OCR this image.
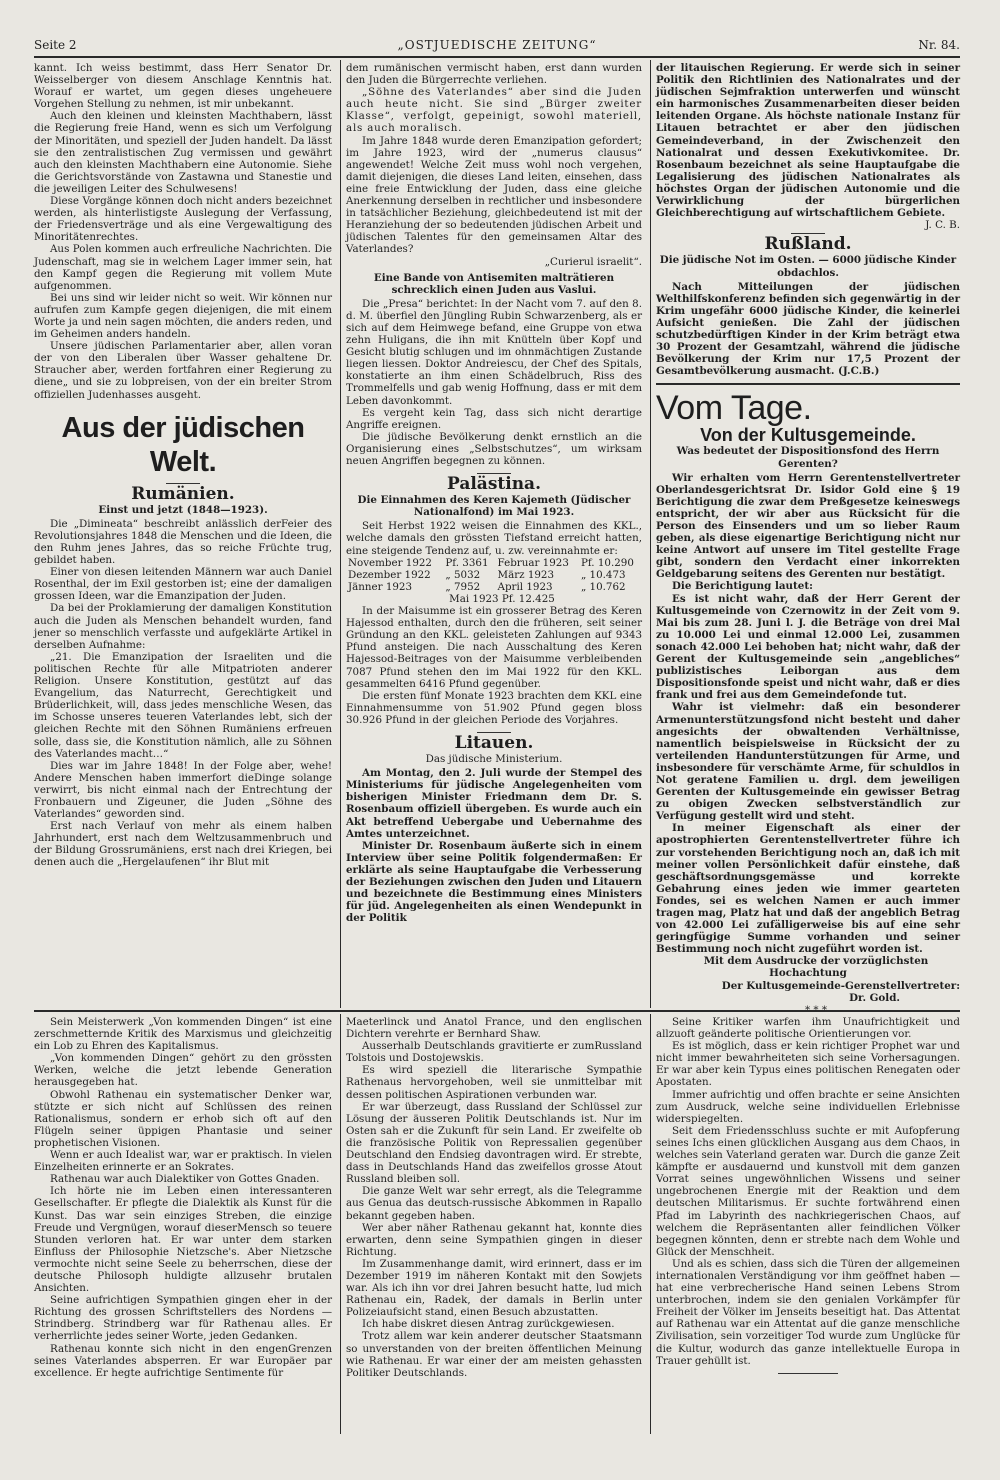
Seite 2	„OSTJUEDISCHE ZEITUNG“	Nr. 84.

kannt. Ich weiss bestimmt, dass Herr Senator Dr. Weisselberger von diesem Anschlage Kenntnis hat. Worauf er wartet, um gegen dieses ungeheuere Vorgehen Stellung zu nehmen, ist mir unbekannt.

Auch den kleinen und kleinsten Machthabern, lässt die Regierung freie Hand, wenn es sich um Verfolgung der Minoritäten, und speziell der Juden handelt. Da lässt sie den zentralistischen Zug vermissen und gewährt auch den kleinsten Machthabern eine Autonomie. Siehe die Gerichtsvorstände von Zastawna und Stanestie und die jeweiligen Leiter des Schulwesens!

Diese Vorgänge können doch nicht anders bezeichnet werden, als hinterlistigste Auslegung der Verfassung, der Friedensverträge und als eine Vergewaltigung des Minoritätenrechtes.

Aus Polen kommen auch erfreuliche Nachrichten. Die Judenschaft, mag sie in welchem Lager immer sein, hat den Kampf gegen die Regierung mit vollem Mute aufgenommen.

Bei uns sind wir leider nicht so weit. Wir können nur aufrufen zum Kampfe gegen diejenigen, die mit einem Worte ja und nein sagen möchten, die anders reden, und im Geheimen anders handeln.

Unsere jüdischen Parlamentarier aber, allen voran der von den Liberalen über Wasser gehaltene Dr. Straucher aber, werden fortfahren einer Regierung zu diene„ und sie zu lobpreisen, von der ein breiter Strom offiziellen Judenhasses ausgeht.

Aus der jüdischen Welt.
Rumänien.
Einst und jetzt (1848—1923).

Die „Dimineata“ beschreibt anlässlich derFeier des Revolutionsjahres 1848 die Menschen und die Ideen, die den Ruhm jenes Jahres, das so reiche Früchte trug, gebildet haben.

Einer von diesen leitenden Männern war auch Daniel Rosenthal, der im Exil gestorben ist; eine der damaligen grossen Ideen, war die Emanzipation der Juden.

Da bei der Proklamierung der damaligen Konstitution auch die Juden als Menschen behandelt wurden, fand jener so menschlich verfasste und aufgeklärte Artikel in derselben Aufnahme:

„21. Die Emanzipation der Israeliten und die politischen Rechte für alle Mitpatrioten anderer Religion. Unsere Konstitution, gestützt auf das Evangelium, das Naturrecht, Gerechtigkeit und Brüderlichkeit, will, dass jedes menschliche Wesen, das im Schosse unseres teueren Vaterlandes lebt, sich der gleichen Rechte mit den Söhnen Rumäniens erfreuen solle, dass sie, die Konstitution nämlich, alle zu Söhnen des Vaterlandes macht…“

Dies war im Jahre 1848! In der Folge aber, wehe! Andere Menschen haben immerfort dieDinge solange verwirrt, bis nicht einmal nach der Entrechtung der Fronbauern und Zigeuner, die Juden „Söhne des Vaterlandes“ geworden sind.

Erst nach Verlauf von mehr als einem halben Jahrhundert, erst nach dem Weltzusammenbruch und der Bildung Grossrumäniens, erst nach drei Kriegen, bei denen auch die „Hergelaufenen“ ihr Blut mit

dem rumänischen vermischt haben, erst dann wurden den Juden die Bürgerrechte verliehen.

„Söhne des Vaterlandes“ aber sind die Juden auch heute nicht. Sie sind „Bürger zweiter Klasse“, verfolgt, gepeinigt, sowohl materiell, als auch moralisch.

Im Jahre 1848 wurde deren Emanzipation gefordert; im Jahre 1923, wird der „numerus clausus“ angewendet! Welche Zeit muss wohl noch vergehen, damit diejenigen, die dieses Land leiten, einsehen, dass eine freie Entwicklung der Juden, dass eine gleiche Anerkennung derselben in rechtlicher und insbesondere in tatsächlicher Beziehung, gleichbedeutend ist mit der Heranziehung der so bedeutenden jüdischen Arbeit und jüdischen Talentes für den gemeinsamen Altar des Vaterlandes?

„Curierul israelit“.

Eine Bande von Antisemiten malträtieren schrecklich einen Juden aus Vaslui.

Die „Presa“ berichtet: In der Nacht vom 7. auf den 8. d. M. überfiel den Jüngling Rubin Schwarzenberg, als er sich auf dem Heimwege befand, eine Gruppe von etwa zehn Huligans, die ihn mit Knütteln über Kopf und Gesicht blutig schlugen und im ohnmächtigen Zustande liegen liessen. Doktor Andreiescu, der Chef des Spitals, konstatierte an ihm einen Schädelbruch, Riss des Trommelfells und gab wenig Hoffnung, dass er mit dem Leben davonkommt.

Es vergeht kein Tag, dass sich nicht derartige Angriffe ereignen.

Die jüdische Bevölkerung denkt ernstlich an die Organisierung eines „Selbstschutzes“, um wirksam neuen Angriffen begegnen zu können.

Palästina.
Die Einnahmen des Keren Kajemeth (Jüdischer Nationalfond) im Mai 1923.

Seit Herbst 1922 weisen die Einnahmen des KKL., welche damals den grössten Tiefstand erreicht hatten, eine steigende Tendenz auf, u. zw. vereinnahmte er:

November 1922	Pf. 3361	Februar 1923	Pf. 10.290
Dezember 1922	„ 5032	März 1923	„ 10.473
Jänner 1923	„ 7952	April 1923	„ 10.762

Mai 1923 Pf. 12.425

In der Maisumme ist ein grosserer Betrag des Keren Hajessod enthalten, durch den die früheren, seit seiner Gründung an den KKL. geleisteten Zahlungen auf 9343 Pfund ansteigen. Die nach Ausschaltung des Keren Hajessod-Beitrages von der Maisumme verbleibenden 7087 Pfund stehen den im Mai 1922 für den KKL. gesammelten 6416 Pfund gegenüber.

Die ersten fünf Monate 1923 brachten dem KKL eine Einnahmensumme von 51.902 Pfund gegen bloss 30.926 Pfund in der gleichen Periode des Vorjahres.

Litauen.
Das jüdische Ministerium.

Am Montag, den 2. Juli wurde der Stempel des Ministeriums für jüdische Angelegenheiten vom bisherigen Minister Friedmann dem Dr. S. Rosenbaum offiziell übergeben. Es wurde auch ein Akt betreffend Uebergabe und Uebernahme des Amtes unterzeichnet.

Minister Dr. Rosenbaum äußerte sich in einem Interview über seine Politik folgendermaßen: Er erklärte als seine Hauptaufgabe die Verbesserung der Beziehungen zwischen den Juden und Litauern und bezeichnete die Bestimmung eines Ministers für jüd. Angelegenheiten als einen Wendepunkt in der Politik

der litauischen Regierung. Er werde sich in seiner Politik den Richtlinien des Nationalrates und der jüdischen Sejmfraktion unterwerfen und wünscht ein harmonisches Zusammenarbeiten dieser beiden leitenden Organe. Als höchste nationale Instanz für Litauen betrachtet er aber den jüdischen Gemeindeverband, in der Zwischenzeit den Nationalrat und dessen Exekutivkomitee. Dr. Rosenbaum bezeichnet als seine Hauptaufgabe die Legalisierung des jüdischen Nationalrates als höchstes Organ der jüdischen Autonomie und die Verwirklichung der bürgerlichen Gleichberechtigung auf wirtschaftlichem Gebiete.

J. C. B.

Rußland.
Die jüdische Not im Osten. — 6000 jüdische Kinder obdachlos.

Nach Mitteilungen der jüdischen Welthilfskonferenz befinden sich gegenwärtig in der Krim ungefähr 6000 jüdische Kinder, die keinerlei Aufsicht genießen. Die Zahl der jüdischen schutzbedürftigen Kinder in der Krim beträgt etwa 30 Prozent der Gesamtzahl, während die jüdische Bevölkerung der Krim nur 17,5 Prozent der Gesamtbevölkerung ausmacht. (J.C.B.)

Vom Tage.
Von der Kultusgemeinde.
Was bedeutet der Dispositionsfond des Herrn Gerenten?

Wir erhalten vom Herrn Gerentenstellvertreter Oberlandesgerichtsrat Dr. Isidor Gold eine § 19 Berichtigung die zwar dem Preßgesetze keineswegs entspricht, der wir aber aus Rücksicht für die Person des Einsenders und um so lieber Raum geben, als diese eigenartige Berichtigung nicht nur keine Antwort auf unsere im Titel gestellte Frage gibt, sondern den Verdacht einer inkorrekten Geldgebarung seitens des Gerenten nur bestätigt.

Die Berichtigung lautet:

Es ist nicht wahr, daß der Herr Gerent der Kultusgemeinde von Czernowitz in der Zeit vom 9. Mai bis zum 28. Juni l. J. die Beträge von drei Mal zu 10.000 Lei und einmal 12.000 Lei, zusammen sonach 42.000 Lei behoben hat; nicht wahr, daß der Gerent der Kultusgemeinde sein „angebliches“ publizistisches Leiborgan aus dem Dispositionsfonde speist und nicht wahr, daß er dies frank und frei aus dem Gemeindefonde tut.

Wahr ist vielmehr: daß ein besonderer Armenunterstützungsfond nicht besteht und daher angesichts der obwaltenden Verhältnisse, namentlich beispielsweise in Rücksicht der zu verteilenden Handunterstützungen für Arme, und insbesondere für verschämte Arme, für schuldlos in Not geratene Familien u. drgl. dem jeweiligen Gerenten der Kultusgemeinde ein gewisser Betrag zu obigen Zwecken selbstverständlich zur Verfügung gestellt wird und steht.

In meiner Eigenschaft als einer der apostrophierten Gerentenstellvertreter führe ich zur vorstehenden Berichtigung noch an, daß ich mit meiner vollen Persönlichkeit dafür einstehe, daß geschäftsordnungsgemässe und korrekte Gebahrung eines jeden wie immer gearteten Fondes, sei es welchen Namen er auch immer tragen mag, Platz hat und daß der angeblich Betrag von 42.000 Lei zufälligerweise bis auf eine sehr geringfügige Summe vorhanden und seiner Bestimmung noch nicht zugeführt worden ist.

Mit dem Ausdrucke der vorzüglichsten Hochachtung

Der Kultusgemeinde-Gerenstellvertreter:

Dr. Gold.

* * *

Sein Meisterwerk „Von kommenden Dingen“ ist eine zerschmetternde Kritik des Marxismus und gleichzeitig ein Lob zu Ehren des Kapitalismus.

„Von kommenden Dingen“ gehört zu den grössten Werken, welche die jetzt lebende Generation herausgegeben hat.

Obwohl Rathenau ein systematischer Denker war, stützte er sich nicht auf Schlüssen des reinen Rationalismus, sondern er erhob sich oft auf den Flügeln seiner üppigen Phantasie und seiner prophetischen Visionen.

Wenn er auch Idealist war, war er praktisch. In vielen Einzelheiten erinnerte er an Sokrates.

Rathenau war auch Dialektiker von Gottes Gnaden.

Ich hörte nie im Leben einen interessanteren Gesellschafter. Er pflegte die Dialektik als Kunst für die Kunst. Das war sein einziges Streben, die einzige Freude und Vergnügen, worauf dieserMensch so teuere Stunden verloren hat. Er war unter dem starken Einfluss der Philosophie Nietzsche's. Aber Nietzsche vermochte nicht seine Seele zu beherrschen, diese der deutsche Philosoph huldigte allzusehr brutalen Ansichten.

Seine aufrichtigen Sympathien gingen eher in der Richtung des grossen Schriftstellers des Nordens — Strindberg. Strindberg war für Rathenau alles. Er verherrlichte jedes seiner Worte, jeden Gedanken.

Rathenau konnte sich nicht in den engenGrenzen seines Vaterlandes absperren. Er war Europäer par excellence. Er hegte aufrichtige Sentimente für

Maeterlinck und Anatol France, und den englischen Dichtern verehrte er Bernhard Shaw.

Ausserhalb Deutschlands gravitierte er zumRussland Tolstois und Dostojewskis.

Es wird speziell die literarische Sympathie Rathenaus hervorgehoben, weil sie unmittelbar mit dessen politischen Aspirationen verbunden war.

Er war überzeugt, dass Russland der Schlüssel zur Lösung der äusseren Politik Deutschlands ist. Nur im Osten sah er die Zukunft für sein Land. Er zweifelte ob die französische Politik von Repressalien gegenüber Deutschland den Endsieg davontragen wird. Er strebte, dass in Deutschlands Hand das zweifellos grosse Atout Russland bleiben soll.

Die ganze Welt war sehr erregt, als die Telegramme aus Genua das deutsch-russische Abkommen in Rapallo bekannt gegeben haben.

Wer aber näher Rathenau gekannt hat, konnte dies erwarten, denn seine Sympathien gingen in dieser Richtung.

Im Zusammenhange damit, wird erinnert, dass er im Dezember 1919 im näheren Kontakt mit den Sowjets war. Als ich ihn vor drei Jahren besucht hatte, lud mich Rathenau ein, Radek, der damals in Berlin unter Polizeiaufsicht stand, einen Besuch abzustatten.

Ich habe diskret diesen Antrag zurückgewiesen.

Trotz allem war kein anderer deutscher Staatsmann so unverstanden von der breiten öffentlichen Meinung wie Rathenau. Er war einer der am meisten gehassten Politiker Deutschlands.

Seine Kritiker warfen ihm Unaufrichtigkeit und allzuoft geänderte politische Orientierungen vor.

Es ist möglich, dass er kein richtiger Prophet war und nicht immer bewahrheiteten sich seine Vorhersagungen. Er war aber kein Typus eines politischen Renegaten oder Apostaten.

Immer aufrichtig und offen brachte er seine Ansichten zum Ausdruck, welche seine individuellen Erlebnisse widerspiegelten.

Seit dem Friedensschluss suchte er mit Aufopferung seines Ichs einen glücklichen Ausgang aus dem Chaos, in welches sein Vaterland geraten war. Durch die ganze Zeit kämpfte er ausdauernd und kunstvoll mit dem ganzen Vorrat seines ungewöhnlichen Wissens und seiner ungebrochenen Energie mit der Reaktion und dem deutschen Militarismus. Er suchte fortwährend einen Pfad im Labyrinth des nachkriegerischen Chaos, auf welchem die Repräsentanten aller feindlichen Völker begegnen könnten, denn er strebte nach dem Wohle und Glück der Menschheit.

Und als es schien, dass sich die Türen der allgemeinen internationalen Verständigung vor ihm geöffnet haben — hat eine verbrecherische Hand seinen Lebens Strom unterbrochen, indem sie den genialen Vorkämpfer für Freiheit der Völker im Jenseits beseitigt hat. Das Attentat auf Rathenau war ein Attentat auf die ganze menschliche Zivilisation, sein vorzeitiger Tod wurde zum Unglücke für die Kultur, wodurch das ganze intellektuelle Europa in Trauer gehüllt ist.
